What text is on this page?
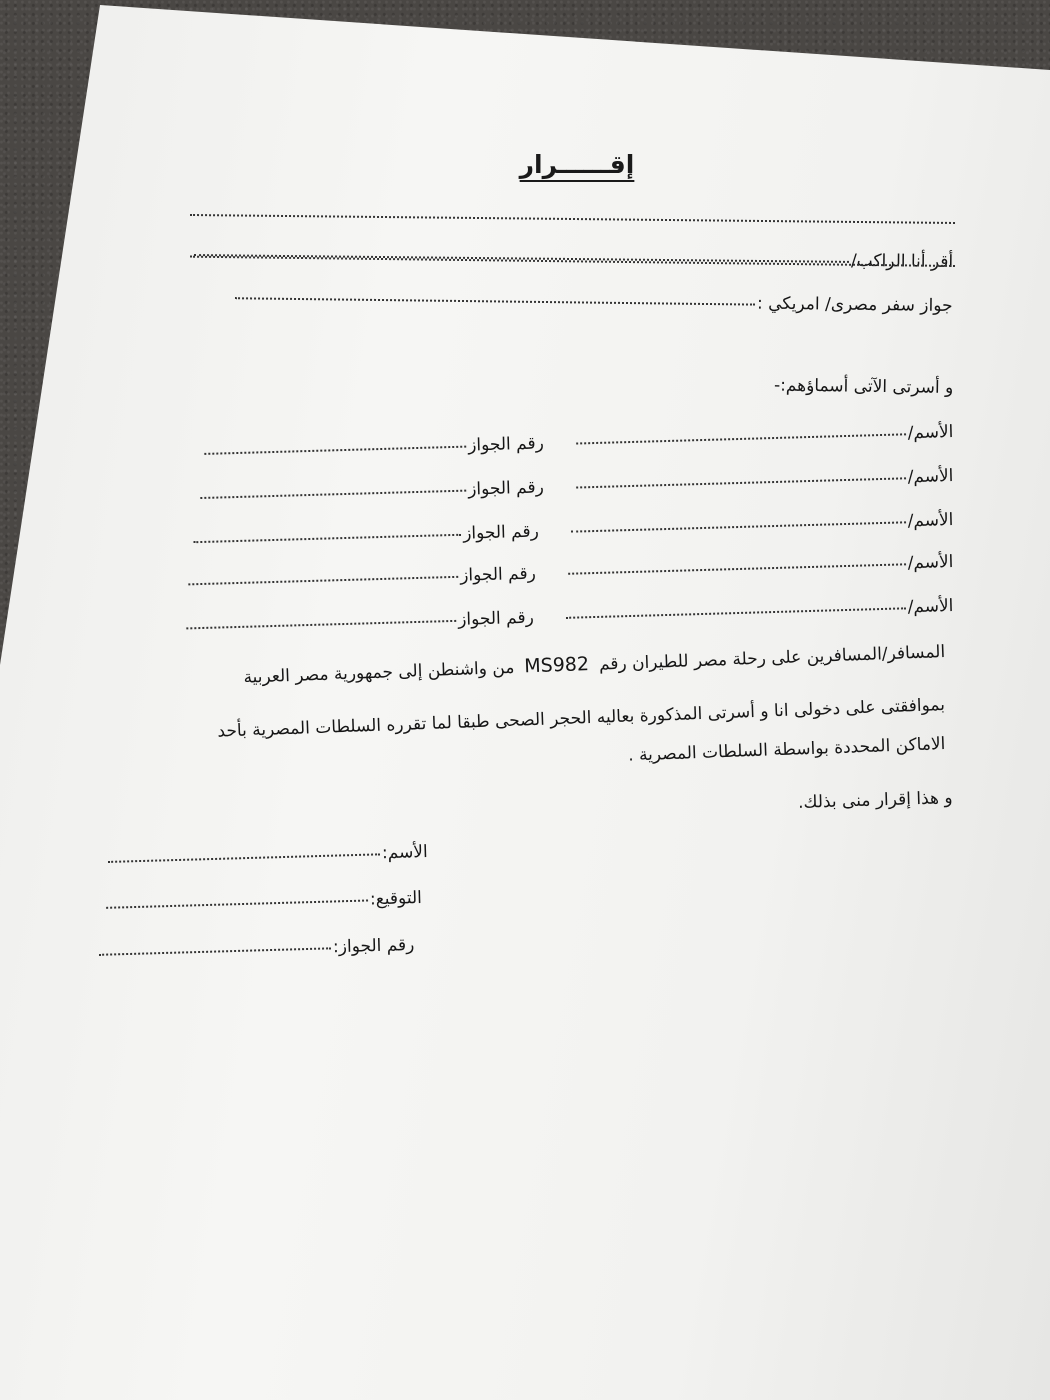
إقــــــرار
أقر أنا الراكب/
جواز سفر مصرى/ امريكي :
و أسرتى الآتى أسماؤهم:-
الأسم/
رقم الجواز
الأسم/
رقم الجواز
الأسم/
رقم الجواز
الأسم/
رقم الجواز
الأسم/
رقم الجواز
المسافر/المسافرين على رحلة مصر للطيران رقمMS982من واشنطن إلى جمهورية مصر العربية
بموافقتى على دخولى انا و أسرتى المذكورة بعاليه الحجر الصحى طبقا لما تقرره السلطات المصرية بأحد
الاماكن المحددة بواسطة السلطات المصرية .
و هذا إقرار منى بذلك.
الأسم:
التوقيع:
رقم الجواز:
